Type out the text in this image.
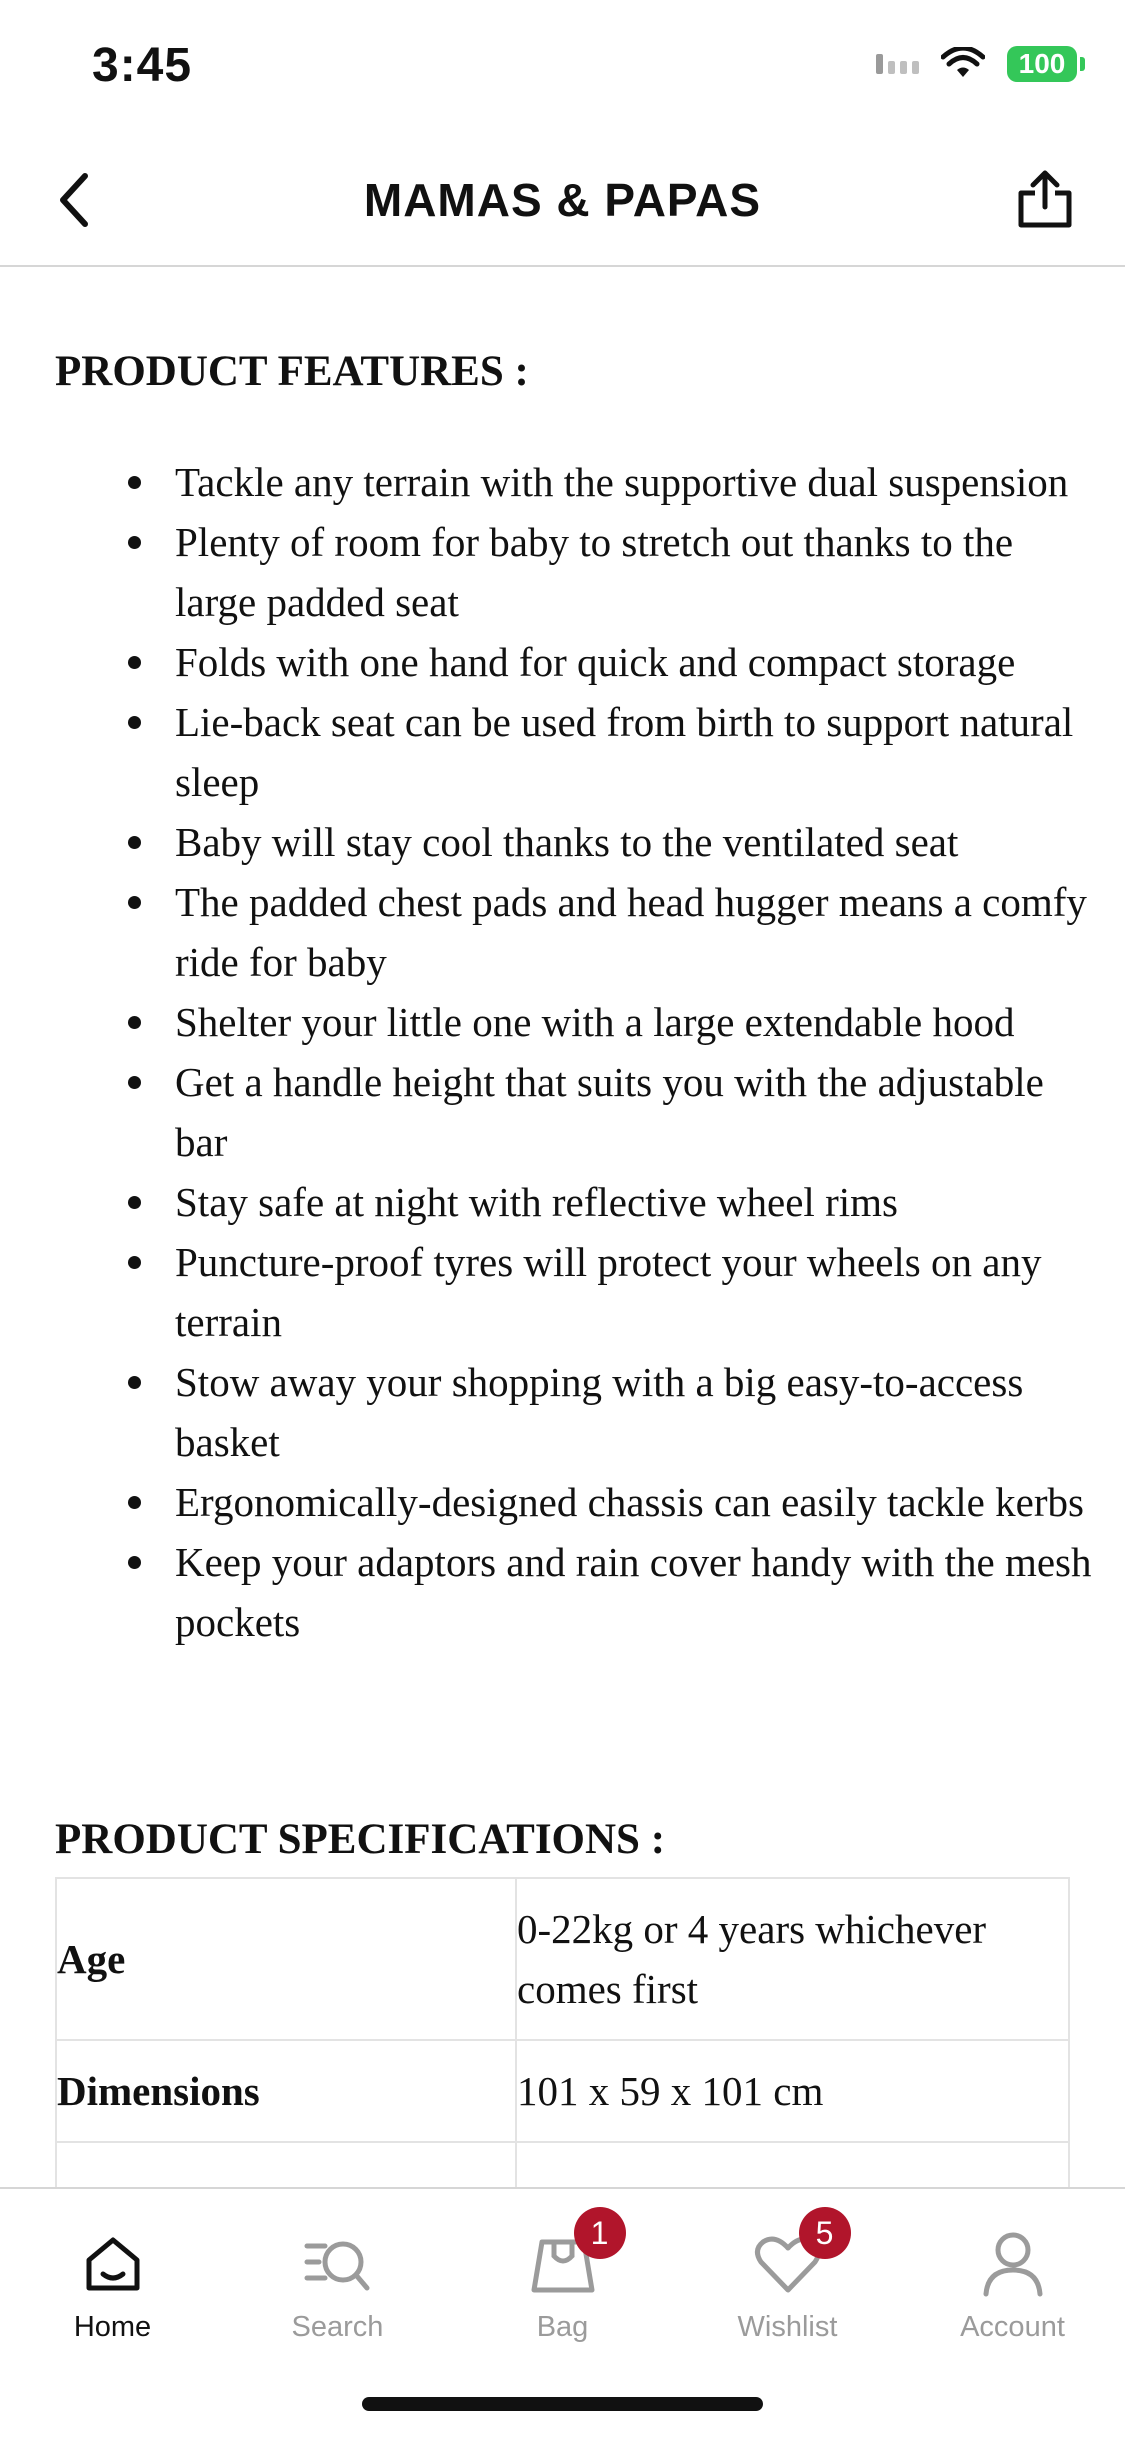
3:45	100
MAMAS & PAPAS
PRODUCT FEATURES :
Tackle any terrain with the supportive dual suspension
Plenty of room for baby to stretch out thanks to the large padded seat
Folds with one hand for quick and compact storage
Lie-back seat can be used from birth to support natural sleep
Baby will stay cool thanks to the ventilated seat
The padded chest pads and head hugger means a comfy ride for baby
Shelter your little one with a large extendable hood
Get a handle height that suits you with the adjustable bar
Stay safe at night with reflective wheel rims
Puncture-proof tyres will protect your wheels on any terrain
Stow away your shopping with a big easy-to-access basket
Ergonomically-designed chassis can easily tackle kerbs
Keep your adaptors and rain cover handy with the mesh pockets
PRODUCT SPECIFICATIONS :
Age	0-22kg or 4 years whichever comes first
Dimensions	101 x 59 x 101 cm

Home	Search
1
Bag
5
Wishlist	Account
